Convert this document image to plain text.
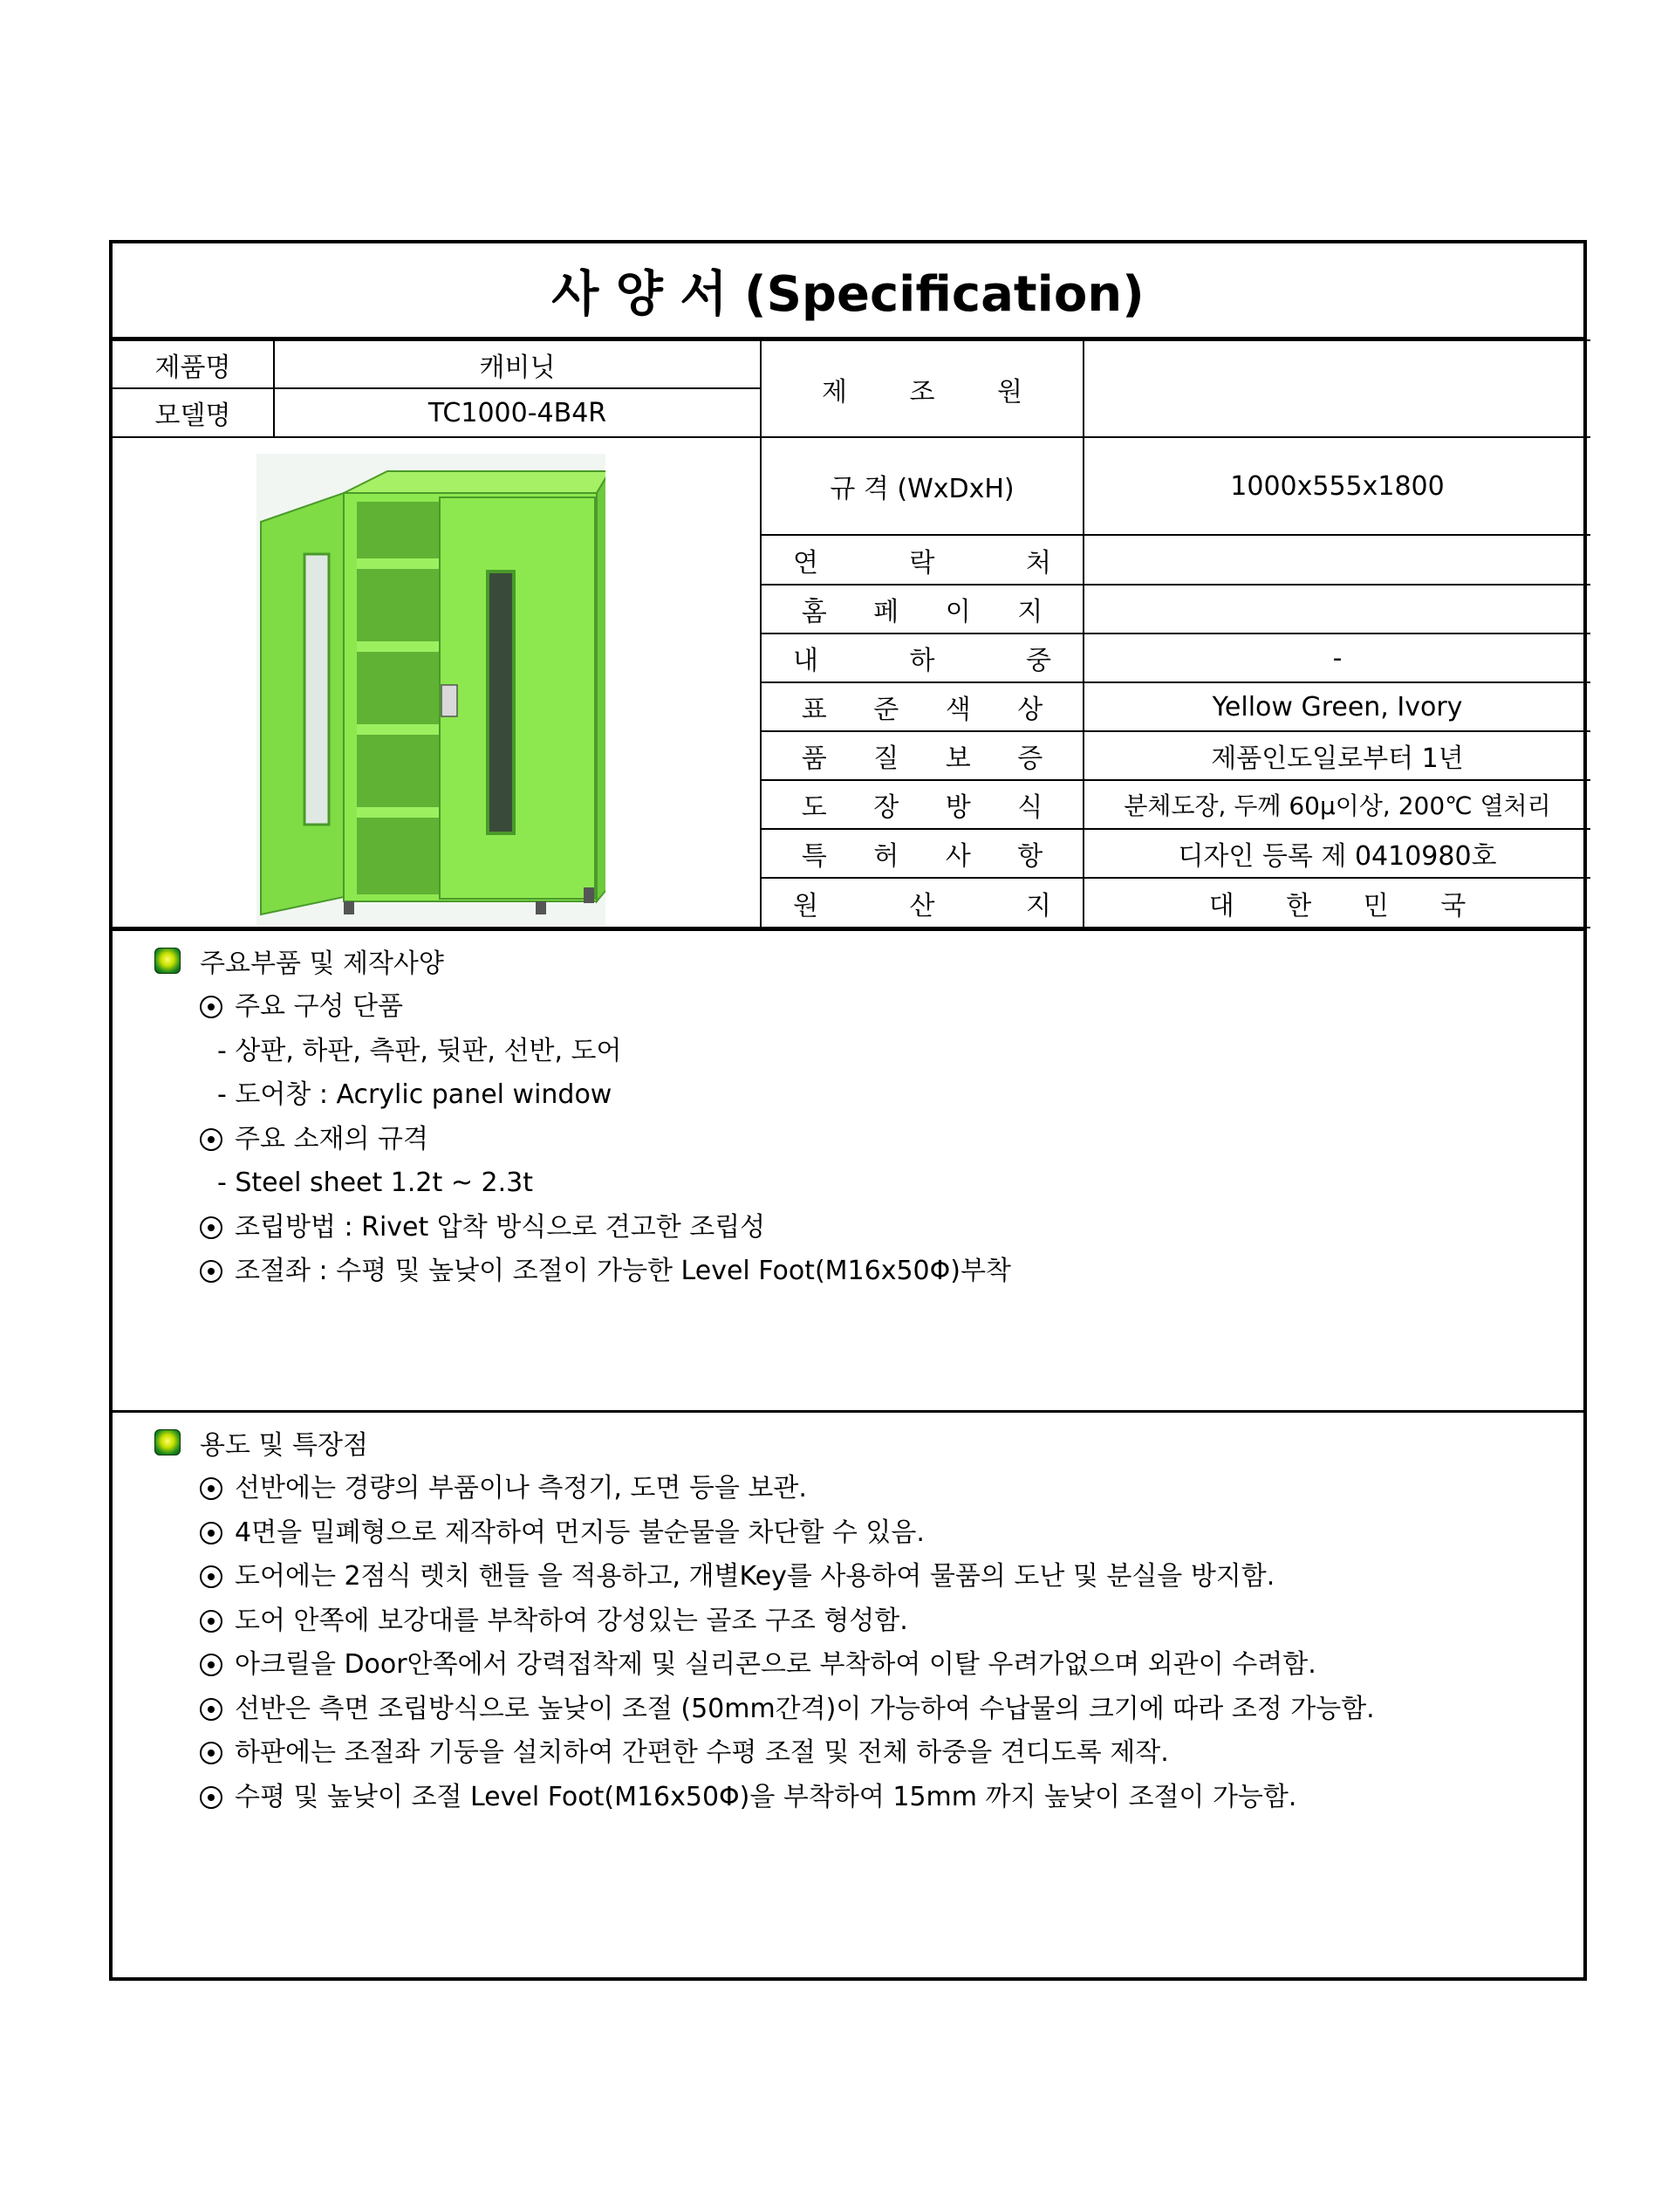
사 양 서 (Specification)
제품명	캐비닛	제 조 원	
모델명	TC1000-4B4R		

	규 격 (WxDxH)	1000x555x1800
		연 락 처	
		홈 페 이 지	
		내 하 중	-
		표 준 색 상	Yellow Green, Ivory
		품 질 보 증	제품인도일로부터 1년
		도 장 방 식	분체도장, 두께 60μ이상, 200℃ 열처리
		특 허 사 항	디자인 등록 제 0410980호
		원 산 지	대 한 민 국
주요부품 및 제작사양
주요 구성 단품
- 상판, 하판, 측판, 뒷판, 선반, 도어
- 도어창 : Acrylic panel window
주요 소재의 규격
- Steel sheet 1.2t ~ 2.3t
조립방법 : Rivet 압착 방식으로 견고한 조립성
조절좌 : 수평 및 높낮이 조절이 가능한 Level Foot(M16x50Φ)부착
용도 및 특장점
선반에는 경량의 부품이나 측정기, 도면 등을 보관.
4면을 밀폐형으로 제작하여 먼지등 불순물을 차단할 수 있음.
도어에는 2점식 렛치 핸들 을 적용하고, 개별Key를 사용하여 물품의 도난 및 분실을 방지함.
도어 안쪽에 보강대를 부착하여 강성있는 골조 구조 형성함.
아크릴을 Door안쪽에서 강력접착제 및 실리콘으로 부착하여 이탈 우려가없으며 외관이 수려함.
선반은 측면 조립방식으로 높낮이 조절 (50mm간격)이 가능하여 수납물의 크기에 따라 조정 가능함.
하판에는 조절좌 기둥을 설치하여 간편한 수평 조절 및 전체 하중을 견디도록 제작.
수평 및 높낮이 조절 Level Foot(M16x50Φ)을 부착하여 15mm 까지 높낮이 조절이 가능함.
